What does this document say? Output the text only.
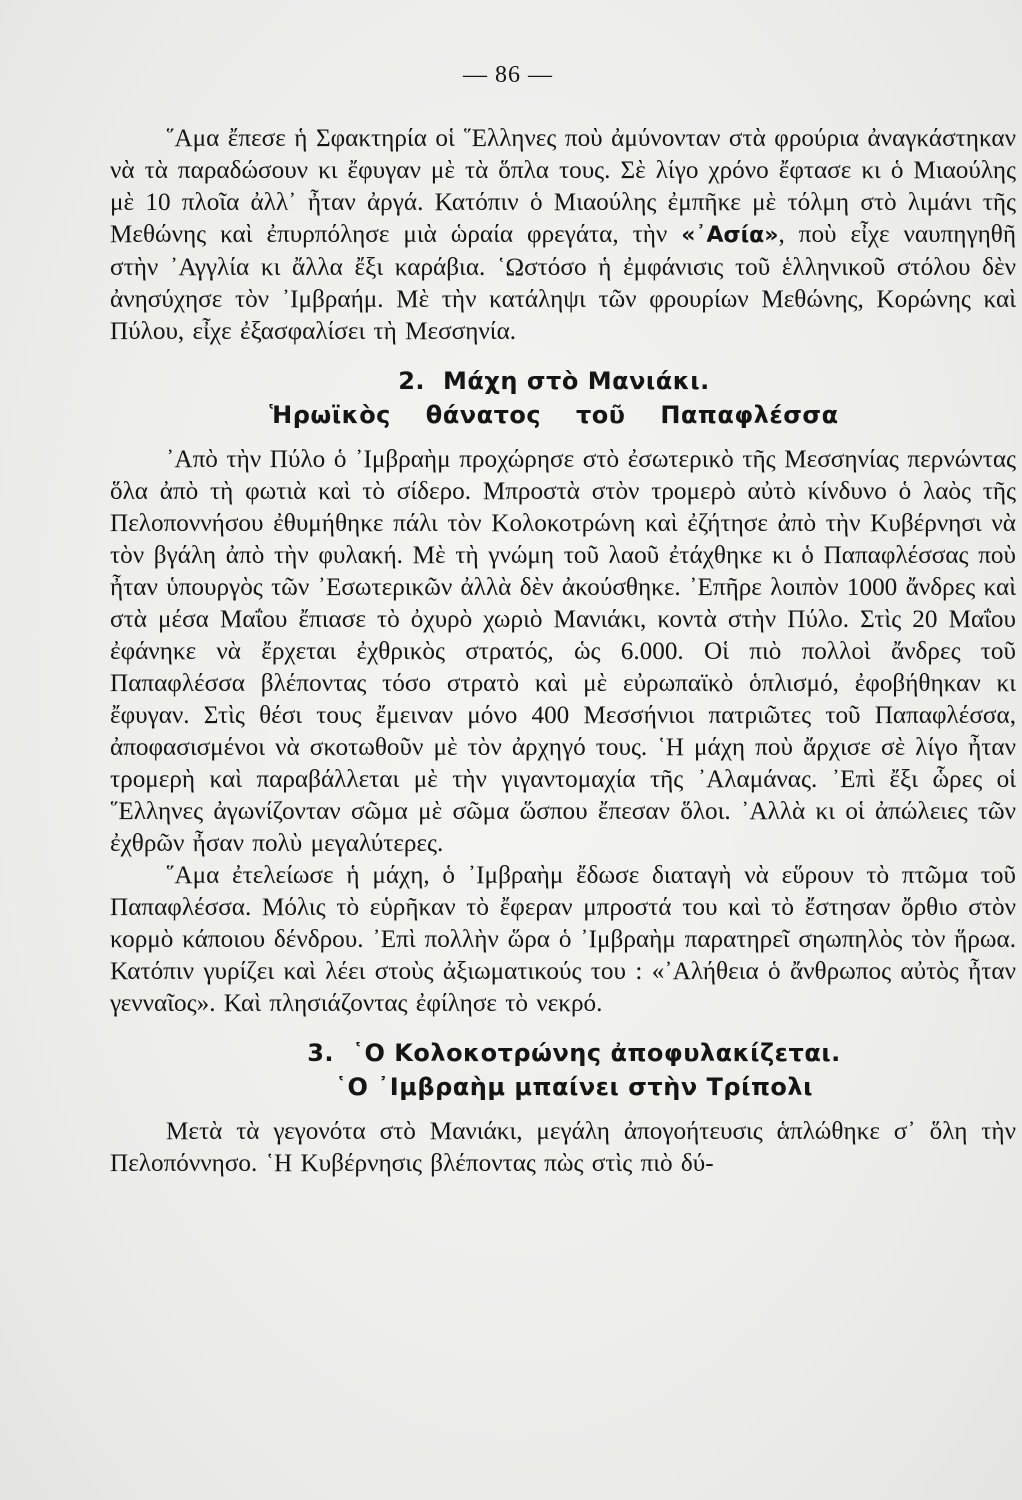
— 86 —

῞Αμα ἔπεσε ἡ Σφακτηρία οἱ ῞Ελληνες ποὺ ἀμύνονταν στὰ φρούρια ἀναγκάστηκαν νὰ τὰ παραδώσουν κι ἔφυγαν μὲ τὰ ὅπλα τους. Σὲ λίγο χρόνο ἔφτασε κι ὁ Μιαούλης μὲ 10 πλοῖα ἀλλ᾽ ἦταν ἀργά. Κατόπιν ὁ Μιαούλης ἐμπῆκε μὲ τόλμη στὸ λιμάνι τῆς Μεθώνης καὶ ἐπυρπόλησε μιὰ ὡραία φρεγάτα, τὴν «᾿Ασία», ποὺ εἶχε ναυπηγηθῆ στὴν ᾿Αγγλία κι ἄλλα ἔξι καράβια. ῾Ωστόσο ἡ ἐμφάνισις τοῦ ἑλληνικοῦ στόλου δὲν ἀνησύχησε τὸν ᾿Ιμβραήμ. Μὲ τὴν κατάληψι τῶν φρουρίων Μεθώνης, Κορώνης καὶ Πύλου, εἶχε ἐξασφαλίσει τὴ Μεσσηνία.

2. Μάχη στὸ Μανιάκι.
Ἡρωϊκὸς θάνατος τοῦ Παπαφλέσσα

᾿Απὸ τὴν Πύλο ὁ ᾿Ιμβραὴμ προχώρησε στὸ ἐσωτερικὸ τῆς Μεσσηνίας περνώντας ὅλα ἀπὸ τὴ φωτιὰ καὶ τὸ σίδερο. Μπροστὰ στὸν τρομερὸ αὐτὸ κίνδυνο ὁ λαὸς τῆς Πελοποννήσου ἐθυμήθηκε πάλι τὸν Κολοκοτρώνη καὶ ἐζήτησε ἀπὸ τὴν Κυβέρνησι νὰ τὸν βγάλη ἀπὸ τὴν φυλακή. Μὲ τὴ γνώμη τοῦ λαοῦ ἐτάχθηκε κι ὁ Παπαφλέσσας ποὺ ἦταν ὑπουργὸς τῶν ᾿Εσωτερικῶν ἀλλὰ δὲν ἀκούσθηκε. ᾿Επῆρε λοιπὸν 1000 ἄνδρες καὶ στὰ μέσα Μαΐου ἔπιασε τὸ ὀχυρὸ χωριὸ Μανιάκι, κοντὰ στὴν Πύλο. Στὶς 20 Μαΐου ἐφάνηκε νὰ ἔρχεται ἐχθρικὸς στρατός, ὡς 6.000. Οἱ πιὸ πολλοὶ ἄνδρες τοῦ Παπαφλέσσα βλέποντας τόσο στρατὸ καὶ μὲ εὐρωπαϊκὸ ὁπλισμό, ἐφοβήθηκαν κι ἔφυγαν. Στὶς θέσι τους ἔμειναν μόνο 400 Μεσσήνιοι πατριῶτες τοῦ Παπαφλέσσα, ἀποφασισμένοι νὰ σκοτωθοῦν μὲ τὸν ἀρχηγό τους. ῾Η μάχη ποὺ ἄρχισε σὲ λίγο ἦταν τρομερὴ καὶ παραβάλλεται μὲ τὴν γιγαντομαχία τῆς ᾿Αλαμάνας. ᾿Επὶ ἔξι ὧρες οἱ ῞Ελληνες ἀγωνίζονταν σῶμα μὲ σῶμα ὥσπου ἔπεσαν ὅλοι. ᾿Αλλὰ κι οἱ ἀπώλειες τῶν ἐχθρῶν ἦσαν πολὺ μεγαλύτερες.

῞Αμα ἐτελείωσε ἡ μάχη, ὁ ᾿Ιμβραὴμ ἔδωσε διαταγὴ νὰ εὕρουν τὸ πτῶμα τοῦ Παπαφλέσσα. Μόλις τὸ εὑρῆκαν τὸ ἔφεραν μπροστά του καὶ τὸ ἔστησαν ὄρθιο στὸν κορμὸ κάποιου δένδρου. ᾿Επὶ πολλὴν ὥρα ὁ ᾿Ιμβραὴμ παρατηρεῖ σηωπηλὸς τὸν ἥρωα. Κατόπιν γυρίζει καὶ λέει στοὺς ἀξιωματικούς του : «᾿Αλήθεια ὁ ἄνθρωπος αὐτὸς ἦταν γενναῖος». Καὶ πλησιάζοντας ἐφίλησε τὸ νεκρό.

3. ῾Ο Κολοκοτρώνης ἀποφυλακίζεται.
῾Ο ᾿Ιμβραὴμ μπαίνει στὴν Τρίπολι

Μετὰ τὰ γεγονότα στὸ Μανιάκι, μεγάλη ἀπογοήτευσις ἁπλώθηκε σ᾽ ὅλη τὴν Πελοπόννησο. ῾Η Κυβέρνησις βλέποντας πὼς στὶς πιὸ δύ-
